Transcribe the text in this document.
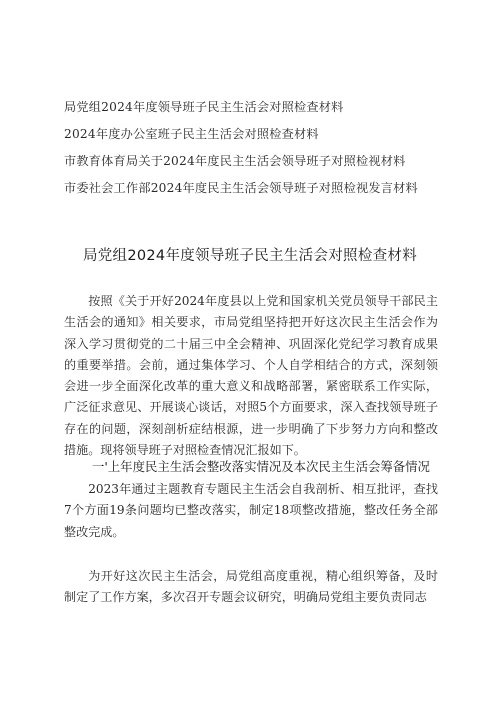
局党组2024年度领导班子民主生活会对照检查材料
2024年度办公室班子民主生活会对照检查材料
市教育体育局关于2024年度民主生活会领导班子对照检视材料
市委社会工作部2024年度民主生活会领导班子对照检视发言材料
局党组2024年度领导班子民主生活会对照检查材料

按照《关于开好2024年度县以上党和国家机关党员领导干部民主生活会的通知》相关要求，市局党组坚持把开好这次民主生活会作为深入学习贯彻党的二十届三中全会精神、巩固深化党纪学习教育成果的重要举措。会前，通过集体学习、个人自学相结合的方式，深刻领会进一步全面深化改革的重大意义和战略部署，紧密联系工作实际，广泛征求意见、开展谈心谈话，对照5个方面要求，深入查找领导班子存在的问题，深刻剖析症结根源，进一步明确了下步努力方向和整改措施。现将领导班子对照检查情况汇报如下。

一'上年度民主生活会整改落实情况及本次民主生活会筹备情况

2023年通过主题教育专题民主生活会自我剖析、相互批评，查找7个方面19条问题均已整改落实，制定18项整改措施，整改任务全部整改完成。

为开好这次民主生活会，局党组高度重视，精心组织筹备，及时制定了工作方案，多次召开专题会议研究，明确局党组主要负责同志
